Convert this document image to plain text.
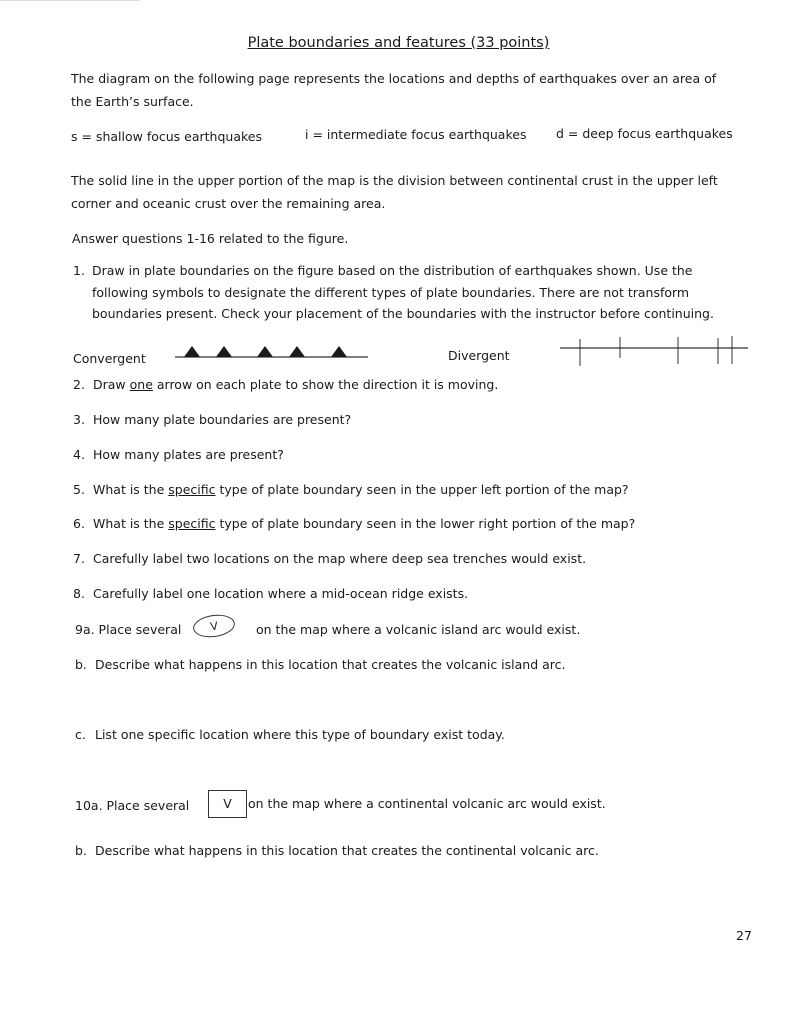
Plate boundaries and features (33 points)
The diagram on the following page represents the locations and depths of earthquakes over an area of
the Earth’s surface.
s = shallow focus earthquakes	i = intermediate focus earthquakes d = deep focus earthquakes
The solid line in the upper portion of the map is the division between continental crust in the upper left
corner and oceanic crust over the remaining area.
Answer questions 1-16 related to the figure.
1. Draw in plate boundaries on the figure based on the distribution of earthquakes shown. Use the
following symbols to designate the different types of plate boundaries. There are not transform
boundaries present. Check your placement of the boundaries with the instructor before continuing.
Convergent	Divergent
2. Draw one arrow on each plate to show the direction it is moving.
3. How many plate boundaries are present?
4. How many plates are present?
5. What is the specific type of plate boundary seen in the upper left portion of the map?
6. What is the specific type of plate boundary seen in the lower right portion of the map?
7. Carefully label two locations on the map where deep sea trenches would exist.
8. Carefully label one location where a mid-ocean ridge exists.
9a. Place several	V	on the map where a volcanic island arc would exist.
b. Describe what happens in this location that creates the volcanic island arc.
c. List one specific location where this type of boundary exist today.
10a. Place several	V	on the map where a continental volcanic arc would exist.
b. Describe what happens in this location that creates the continental volcanic arc.
27
